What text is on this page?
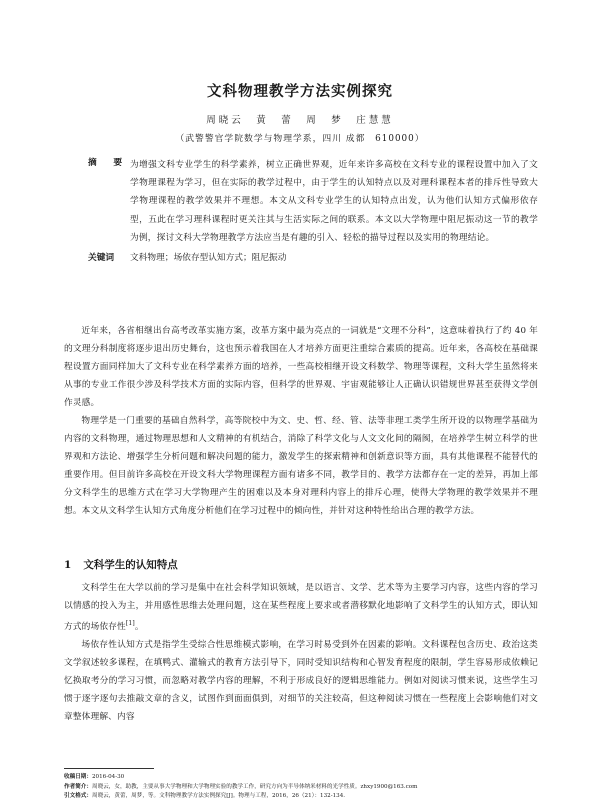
文科物理教学方法实例探究
周晓云　黄　蕾　周　梦　庄慧慧
（武警警官学院数学与物理学系，四川 成都　610000）
摘　要 为增强文科专业学生的科学素养，树立正确世界观，近年来许多高校在文科专业的课程设置中加入了文学物理课程为学习，但在实际的教学过程中，由于学生的认知特点以及对理科课程本者的排斥性导致大学物理课程的教学效果并不理想。本文从文科专业学生的认知特点出发，认为他们认知方式偏形依存型，五此在学习理科课程时更关注其与生活实际之间的联系。本文以大学物理中阻尼振动这一节的教学为例，探讨文科大学物理教学方法应当是有趣的引入、轻松的描导过程以及实用的物理结论。
关键词	文科物理；场依存型认知方式；阻尼振动

近年来，各省相继出台高考改革实施方案，改革方案中最为亮点的一词就是“文理不分科”，这意味着执行了约 40 年的文理分科制度将逐步退出历史舞台，这也预示着我国在人才培养方面更注重综合素质的提高。近年来，各高校在基础课程设置方面同样加大了文科专业在科学素养方面的培养，一些高校相继开设文科数学、物理等课程，文科大学生虽然将来从事的专业工作很少涉及科学技术方面的实际内容，但科学的世界观、宇宙观能够让人正确认识错规世界甚至获得文学创作灵感。

物理学是一门重要的基础自然科学，高等院校中为文、史、哲、经、管、法等非理工类学生所开设的以物理学基础为内容的文科物理，通过物理思想和人文精神的有机结合，消除了科学文化与人文文化间的隔阂，在培养学生树立科学的世界观和方法论、增强学生分析问题和解决问题的能力，激发学生的探索精神和创新意识等方面，具有其他课程不能替代的重要作用。但目前许多高校在开设文科大学物理课程方面有诸多不同，教学目的、教学方法都存在一定的差异，再加上部分文科学生的思维方式在学习大学物理产生的困难以及本身对理科内容上的排斥心理，使得大学物理的教学效果并不理想。本文从文科学生认知方式角度分析他们在学习过程中的倾向性，并针对这种特性给出合理的教学方法。

1 文科学生的认知特点

文科学生在大学以前的学习是集中在社会科学知识领域，是以语言、文学、艺术等为主要学习内容，这些内容的学习以情感的投入为主，并用感性思维去处理问题，这在某些程度上要求或者潜移默化地影响了文科学生的认知方式，即认知方式的场依存性[1]。

场依存性认知方式是指学生受综合性思维模式影响，在学习时易受到外在因素的影响。文科课程包含历史、政治这类文学叙述较多课程，在填鸭式、灌输式的教育方法引导下，同时受知识结构和心智发育程度的限制，学生容易形成依赖记忆换取考分的学习习惯，而忽略对教学内容的理解，不利于形成良好的逻辑思维能力。例如对阅读习惯来说，这些学生习惯于逐字逐句去推敲文章的含义，试图作到面面俱到，对细节的关注较高，但这种阅读习惯在一些程度上会影响他们对文章整体理解、内容

收稿日期：2016-04-30
作者简介：周晓云，女，助教，主要从事大学物理和大学物理实验的教学工作，研究方向为半导体纳米材料的光学性质。zhxy1900@163.com
引文格式：周晓云，黄蕾，周梦，等。文科物理教学方法实例探究[J]。物理与工程，2016，26（21）：132-134.
